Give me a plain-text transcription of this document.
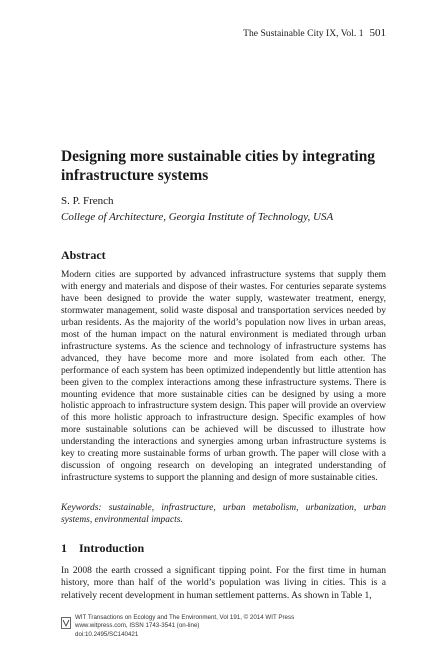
The Sustainable City IX, Vol. 1 501
Designing more sustainable cities by integrating infrastructure systems
S. P. French
College of Architecture, Georgia Institute of Technology, USA
Abstract

Modern cities are supported by advanced infrastructure systems that supply them with energy and materials and dispose of their wastes. For centuries separate systems have been designed to provide the water supply, wastewater treatment, energy, stormwater management, solid waste disposal and transportation services needed by urban residents. As the majority of the world’s population now lives in urban areas, most of the human impact on the natural environment is mediated through urban infrastructure systems. As the science and technology of infrastructure systems has advanced, they have become more and more isolated from each other. The performance of each system has been optimized independently but little attention has been given to the complex interactions among these infrastructure systems. There is mounting evidence that more sustainable cities can be designed by using a more holistic approach to infrastructure system design. This paper will provide an overview of this more holistic approach to infrastructure design. Specific examples of how more sustainable solutions can be achieved will be discussed to illustrate how understanding the interactions and synergies among urban infrastructure systems is key to creating more sustainable forms of urban growth. The paper will close with a discussion of ongoing research on developing an integrated understanding of infrastructure systems to support the planning and design of more sustainable cities.

Keywords: sustainable, infrastructure, urban metabolism, urbanization, urban systems, environmental impacts.

1 Introduction

In 2008 the earth crossed a significant tipping point. For the first time in human history, more than half of the world’s population was living in cities. This is a relatively recent development in human settlement patterns. As shown in Table 1,

WIT Transactions on Ecology and The Environment, Vol 191, © 2014 WIT Press
www.witpress.com, ISSN 1743-3541 (on-line)
doi:10.2495/SC140421
